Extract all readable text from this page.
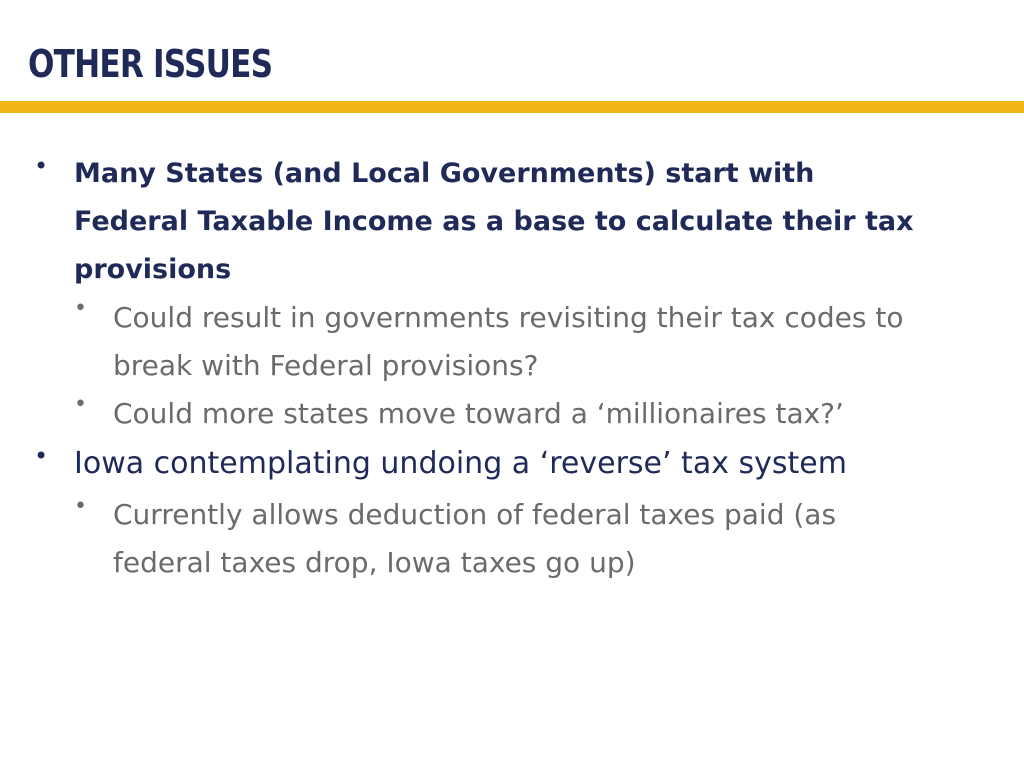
OTHER ISSUES
• Many States (and Local Governments) start with
Federal Taxable Income as a base to calculate their tax
provisions
• Could result in governments revisiting their tax codes to
break with Federal provisions?
• Could more states move toward a ‘millionaires tax?’
• Iowa contemplating undoing a ‘reverse’ tax system
• Currently allows deduction of federal taxes paid (as
federal taxes drop, Iowa taxes go up)
